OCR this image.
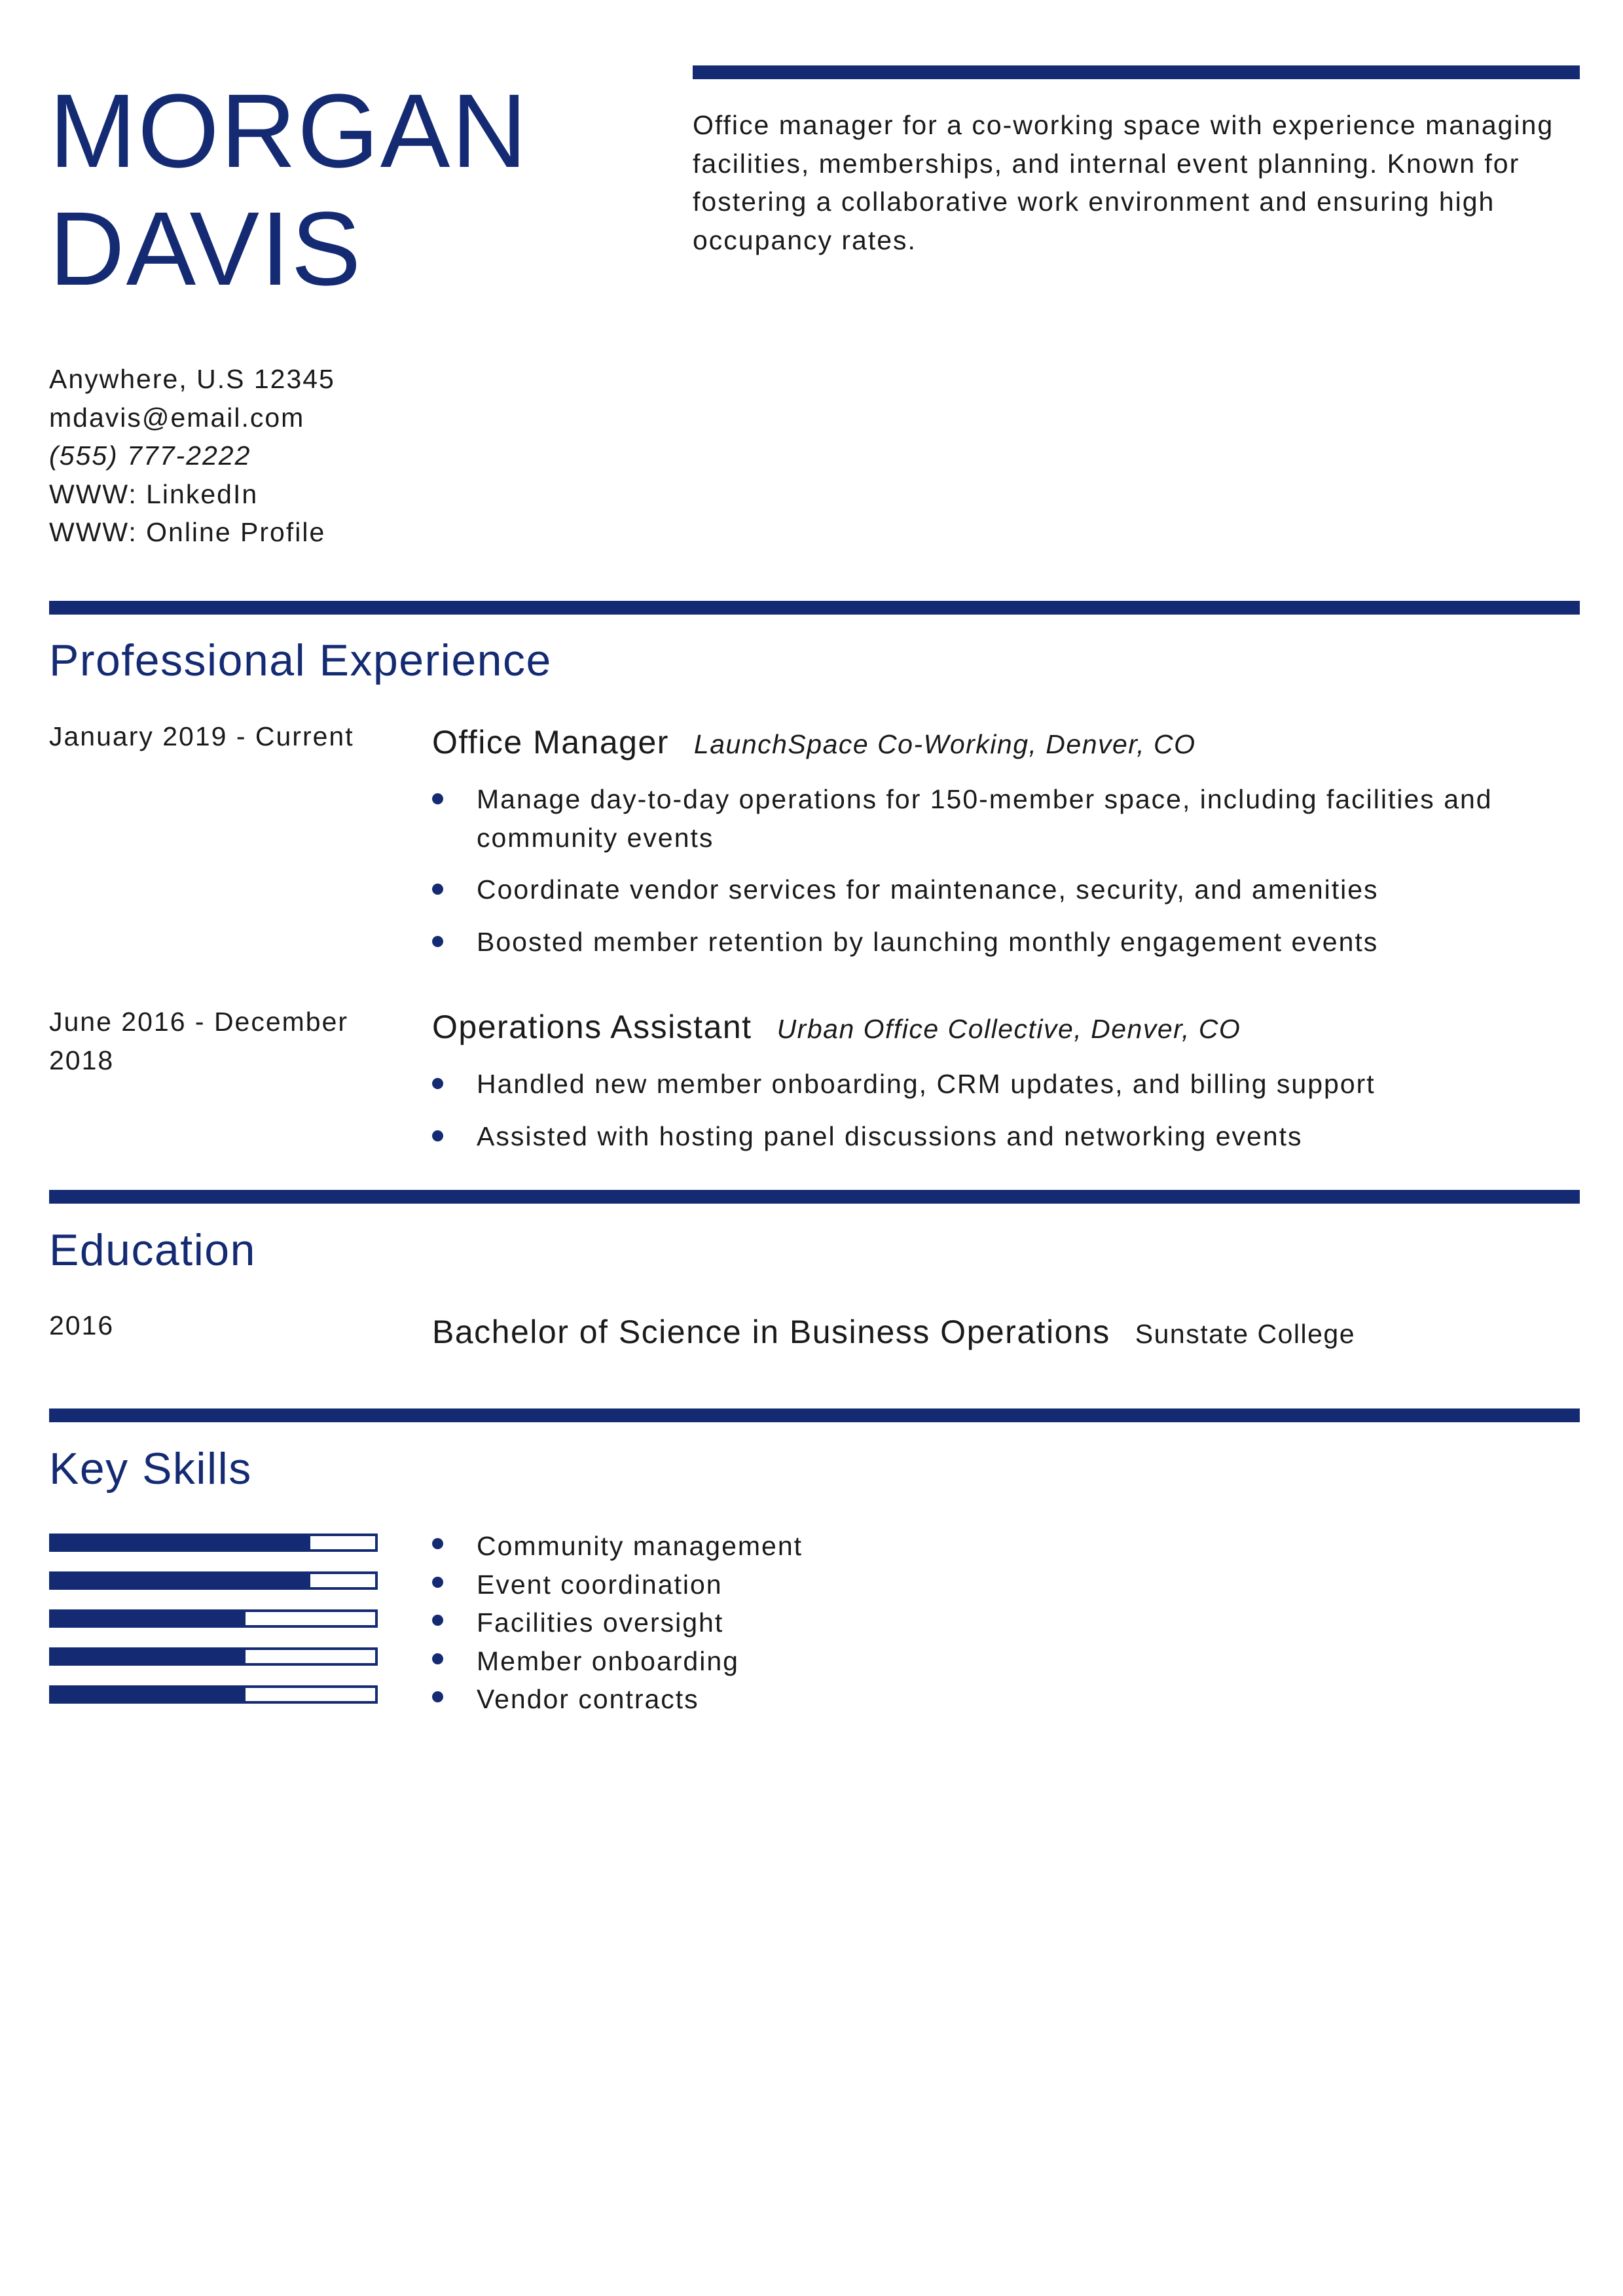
MORGAN
DAVIS
Office manager for a co-working space with experience managing facilities, memberships, and internal event planning. Known for fostering a collaborative work environment and ensuring high occupancy rates.
Anywhere, U.S 12345
mdavis@email.com
(555) 777-2222
WWW: LinkedIn
WWW: Online Profile
Professional Experience
January 2019 - Current	Office Manager LaunchSpace Co-Working, Denver, CO
Manage day-to-day operations for 150-member space, including facilities and community events
Coordinate vendor services for maintenance, security, and amenities
Boosted member retention by launching monthly engagement events
June 2016 - December 2018
Operations Assistant Urban Office Collective, Denver, CO
Handled new member onboarding, CRM updates, and billing support
Assisted with hosting panel discussions and networking events
Education
2016	Bachelor of Science in Business Operations Sunstate College
Key Skills
Community management
Event coordination
Facilities oversight
Member onboarding
Vendor contracts
